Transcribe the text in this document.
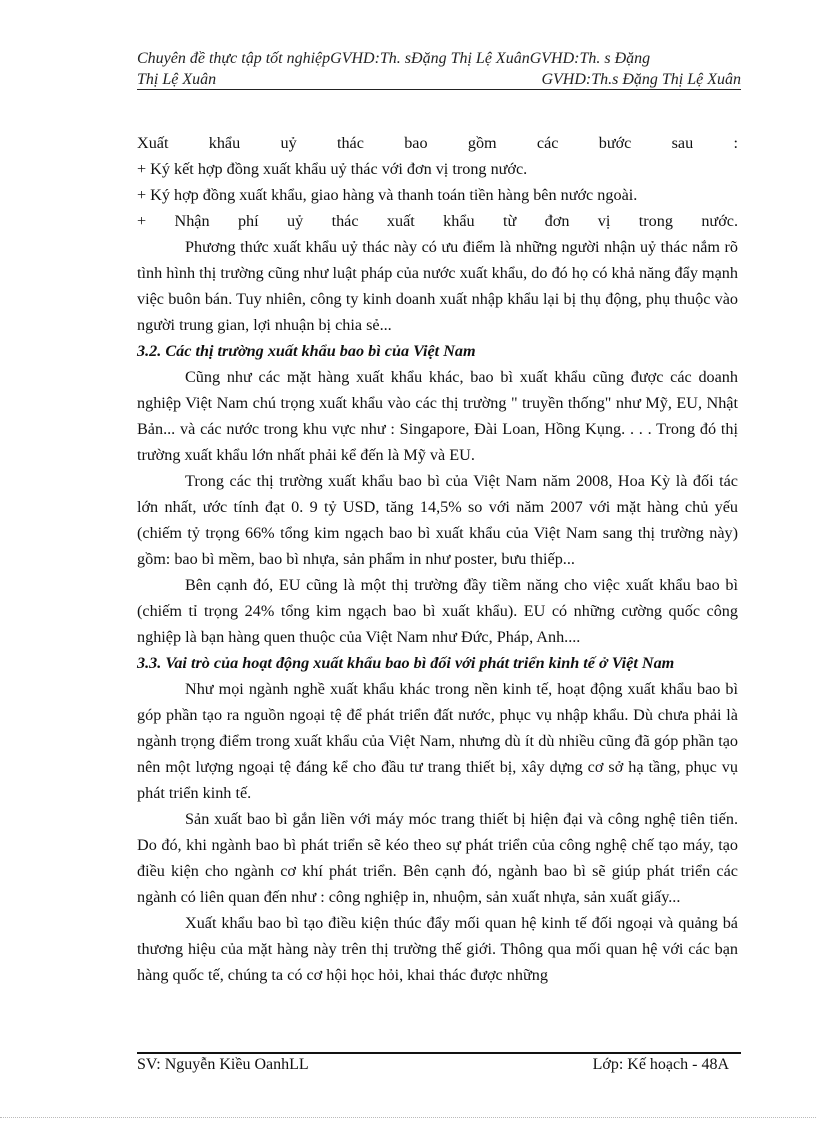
Chuyên đề thực tập tốt nghiệpGVHD:Th. sĐặng Thị Lệ XuânGVHD:Th. s Đặng
Thị Lệ Xuân	GVHD:Th.s Đặng Thị Lệ Xuân

Xuất khẩu uỷ thác bao gồm các bước sau :

+ Ký kết hợp đồng xuất khẩu uỷ thác với đơn vị trong nước.

+ Ký hợp đồng xuất khẩu, giao hàng và thanh toán tiền hàng bên nước ngoài.

+ Nhận phí uỷ thác xuất khẩu từ đơn vị trong nước.

Phương thức xuất khẩu uỷ thác này có ưu điểm là những người nhận uỷ thác nắm rõ tình hình thị trường cũng như luật pháp của nước xuất khẩu, do đó họ có khả năng đẩy mạnh việc buôn bán. Tuy nhiên, công ty kinh doanh xuất nhập khẩu lại bị thụ động, phụ thuộc vào người trung gian, lợi nhuận bị chia sẻ...

3.2. Các thị trường xuất khẩu bao bì của Việt Nam

Cũng như các mặt hàng xuất khẩu khác, bao bì xuất khẩu cũng được các doanh nghiệp Việt Nam chú trọng xuất khẩu vào các thị trường " truyền thống" như Mỹ, EU, Nhật Bản... và các nước trong khu vực như : Singapore, Đài Loan, Hồng Kụng. . . . Trong đó thị trường xuất khẩu lớn nhất phải kể đến là Mỹ và EU.

Trong các thị trường xuất khẩu bao bì của Việt Nam năm 2008, Hoa Kỳ là đối tác lớn nhất, ước tính đạt 0. 9 tỷ USD, tăng 14,5% so với năm 2007 với mặt hàng chủ yếu (chiếm tỷ trọng 66% tổng kim ngạch bao bì xuất khẩu của Việt Nam sang thị trường này) gồm: bao bì mềm, bao bì nhựa, sản phẩm in như poster, bưu thiếp...

Bên cạnh đó, EU cũng là một thị trường đầy tiềm năng cho việc xuất khẩu bao bì (chiếm tỉ trọng 24% tổng kim ngạch bao bì xuất khẩu). EU có những cường quốc công nghiệp là bạn hàng quen thuộc của Việt Nam như Đức, Pháp, Anh....

3.3. Vai trò của hoạt động xuất khẩu bao bì đối với phát triển kinh tế ở Việt Nam

Như mọi ngành nghề xuất khẩu khác trong nền kinh tế, hoạt động xuất khẩu bao bì góp phần tạo ra nguồn ngoại tệ để phát triển đất nước, phục vụ nhập khẩu. Dù chưa phải là ngành trọng điểm trong xuất khẩu của Việt Nam, nhưng dù ít dù nhiều cũng đã góp phần tạo nên một lượng ngoại tệ đáng kể cho đầu tư trang thiết bị, xây dựng cơ sở hạ tầng, phục vụ phát triển kinh tế.

Sản xuất bao bì gắn liền với máy móc trang thiết bị hiện đại và công nghệ tiên tiến. Do đó, khi ngành bao bì phát triển sẽ kéo theo sự phát triển của công nghệ chế tạo máy, tạo điều kiện cho ngành cơ khí phát triển. Bên cạnh đó, ngành bao bì sẽ giúp phát triển các ngành có liên quan đến như : công nghiệp in, nhuộm, sản xuất nhựa, sản xuất giấy...

Xuất khẩu bao bì tạo điều kiện thúc đẩy mối quan hệ kinh tế đối ngoại và quảng bá thương hiệu của mặt hàng này trên thị trường thế giới. Thông qua mối quan hệ với các bạn hàng quốc tế, chúng ta có cơ hội học hỏi, khai thác được những

SV: Nguyễn Kiều OanhLL	Lớp: Kế hoạch - 48A
